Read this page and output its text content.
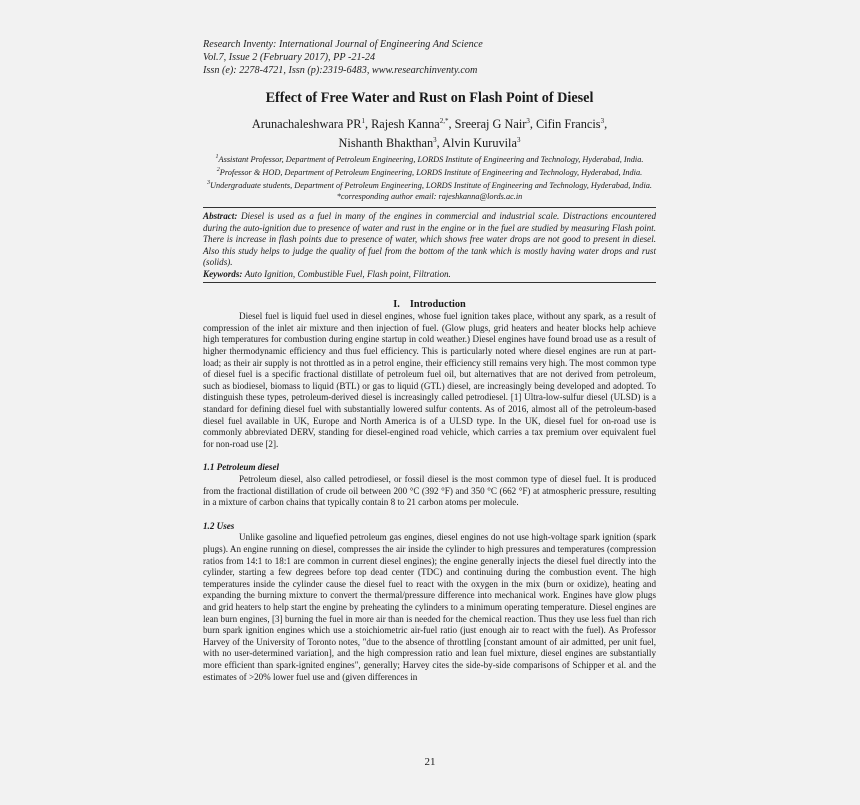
Research Inventy: International Journal of Engineering And Science
Vol.7, Issue 2 (February 2017), PP -21-24
Issn (e): 2278-4721, Issn (p):2319-6483, www.researchinventy.com
Effect of Free Water and Rust on Flash Point of Diesel
Arunachaleshwara $PR^1$, Rajesh Kanna$^{2,*}$, Sreeraj G Nair$^3$, Cifin Francis$^3$,
Nishanth Bhakthan$^3$, Alvin Kuruvila$^3$
$^1$Assistant Professor, Department of Petroleum Engineering, LORDS Institute of Engineering and Technology, Hyderabad, India.
$^2$Professor & HOD, Department of Petroleum Engineering, LORDS Institute of Engineering and Technology, Hyderabad, India.
$^3$Undergraduate students, Department of Petroleum Engineering, LORDS Institute of Engineering and Technology, Hyderabad, India.
*corresponding author email: rajeshkanna@lords.ac.in
Abstract: Diesel is used as a fuel in many of the engines in commercial and industrial scale. Distractions encountered during the auto-ignition due to presence of water and rust in the engine or in the fuel are studied by measuring Flash point. There is increase in flash points due to presence of water, which shows free water drops are not good to present in diesel. Also this study helps to judge the quality of fuel from the bottom of the tank which is mostly having water drops and rust (solids).
Keywords: Auto Ignition, Combustible Fuel, Flash point, Filtration.
I. Introduction
Diesel fuel is liquid fuel used in diesel engines, whose fuel ignition takes place, without any spark, as a result of compression of the inlet air mixture and then injection of fuel. (Glow plugs, grid heaters and heater blocks help achieve high temperatures for combustion during engine startup in cold weather.) Diesel engines have found broad use as a result of higher thermodynamic efficiency and thus fuel efficiency. This is particularly noted where diesel engines are run at part-load; as their air supply is not throttled as in a petrol engine, their efficiency still remains very high. The most common type of diesel fuel is a specific fractional distillate of petroleum fuel oil, but alternatives that are not derived from petroleum, such as biodiesel, biomass to liquid (BTL) or gas to liquid (GTL) diesel, are increasingly being developed and adopted. To distinguish these types, petroleum-derived diesel is increasingly called petrodiesel. [1] Ultra-low-sulfur diesel (ULSD) is a standard for defining diesel fuel with substantially lowered sulfur contents. As of 2016, almost all of the petroleum-based diesel fuel available in UK, Europe and North America is of a ULSD type. In the UK, diesel fuel for on-road use is commonly abbreviated DERV, standing for diesel-engined road vehicle, which carries a tax premium over equivalent fuel for non-road use [2].
1.1 Petroleum diesel
Petroleum diesel, also called petrodiesel, or fossil diesel is the most common type of diesel fuel. It is produced from the fractional distillation of crude oil between 200 °C (392 °F) and 350 °C (662 °F) at atmospheric pressure, resulting in a mixture of carbon chains that typically contain 8 to 21 carbon atoms per molecule.
1.2 Uses
Unlike gasoline and liquefied petroleum gas engines, diesel engines do not use high-voltage spark ignition (spark plugs). An engine running on diesel, compresses the air inside the cylinder to high pressures and temperatures (compression ratios from 14:1 to 18:1 are common in current diesel engines); the engine generally injects the diesel fuel directly into the cylinder, starting a few degrees before top dead center (TDC) and continuing during the combustion event. The high temperatures inside the cylinder cause the diesel fuel to react with the oxygen in the mix (burn or oxidize), heating and expanding the burning mixture to convert the thermal/pressure difference into mechanical work. Engines have glow plugs and grid heaters to help start the engine by preheating the cylinders to a minimum operating temperature. Diesel engines are lean burn engines, [3] burning the fuel in more air than is needed for the chemical reaction. Thus they use less fuel than rich burn spark ignition engines which use a stoichiometric air-fuel ratio (just enough air to react with the fuel). As Professor Harvey of the University of Toronto notes, "due to the absence of throttling [constant amount of air admitted, per unit fuel, with no user-determined variation], and the high compression ratio and lean fuel mixture, diesel engines are substantially more efficient than spark-ignited engines", generally; Harvey cites the side-by-side comparisons of Schipper et al. and the estimates of >20% lower fuel use and (given differences in
21
